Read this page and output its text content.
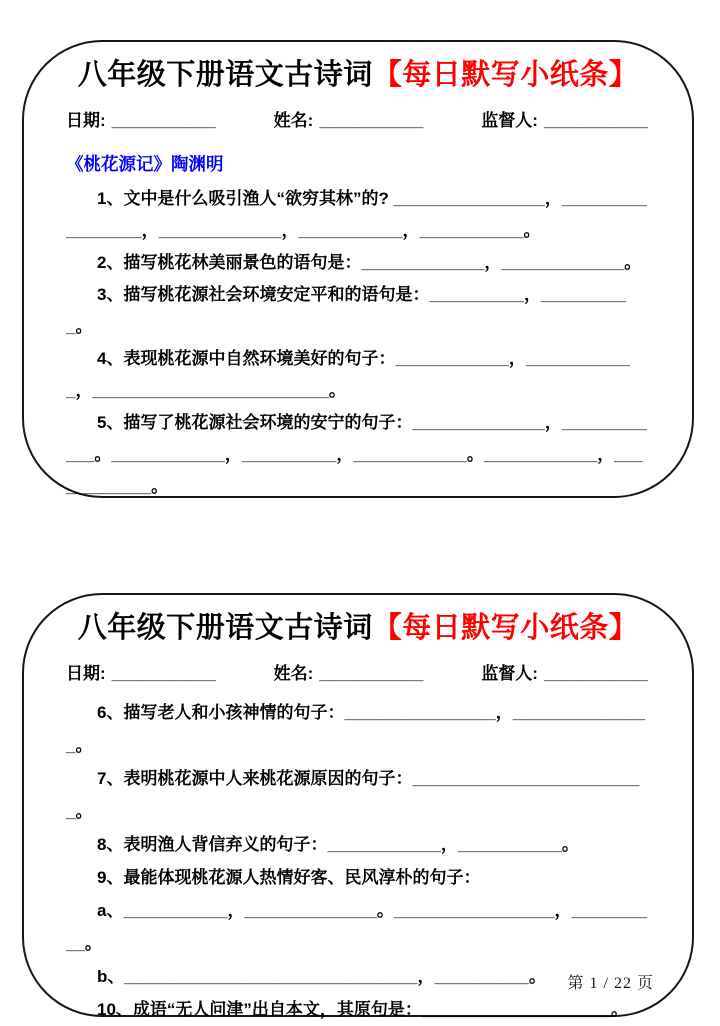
八年级下册语文古诗词【每日默写小纸条】
日期: ___________	姓名: ___________	监督人: ___________
《桃花源记》陶渊明

1、文中是什么吸引渔人“欲穷其林”的? ________________，_________________，_____________，___________，___________。

2、描写桃花林美丽景色的语句是：_____________，_____________。

3、描写桃花源社会环境安定平和的语句是：__________，__________。

4、表现桃花源中自然环境美好的句子：____________，____________，_________________________。

5、描写了桃花源社会环境的安宁的句子：______________，____________。____________，__________，____________。____________，____________。

八年级下册语文古诗词【每日默写小纸条】
日期: ___________	姓名: ___________	监督人: ___________

6、描写老人和小孩神情的句子：________________，_______________。

7、表明桃花源中人来桃花源原因的句子：_________________________。

8、表明渔人背信弃义的句子：____________，___________。

9、最能体现桃花源人热情好客、民风淳朴的句子：

a、___________，______________。_________________，__________。

b、_______________________________，__________。

10、成语“无人问津”出自本文，其原句是：____________________。

第 1 / 22 页
